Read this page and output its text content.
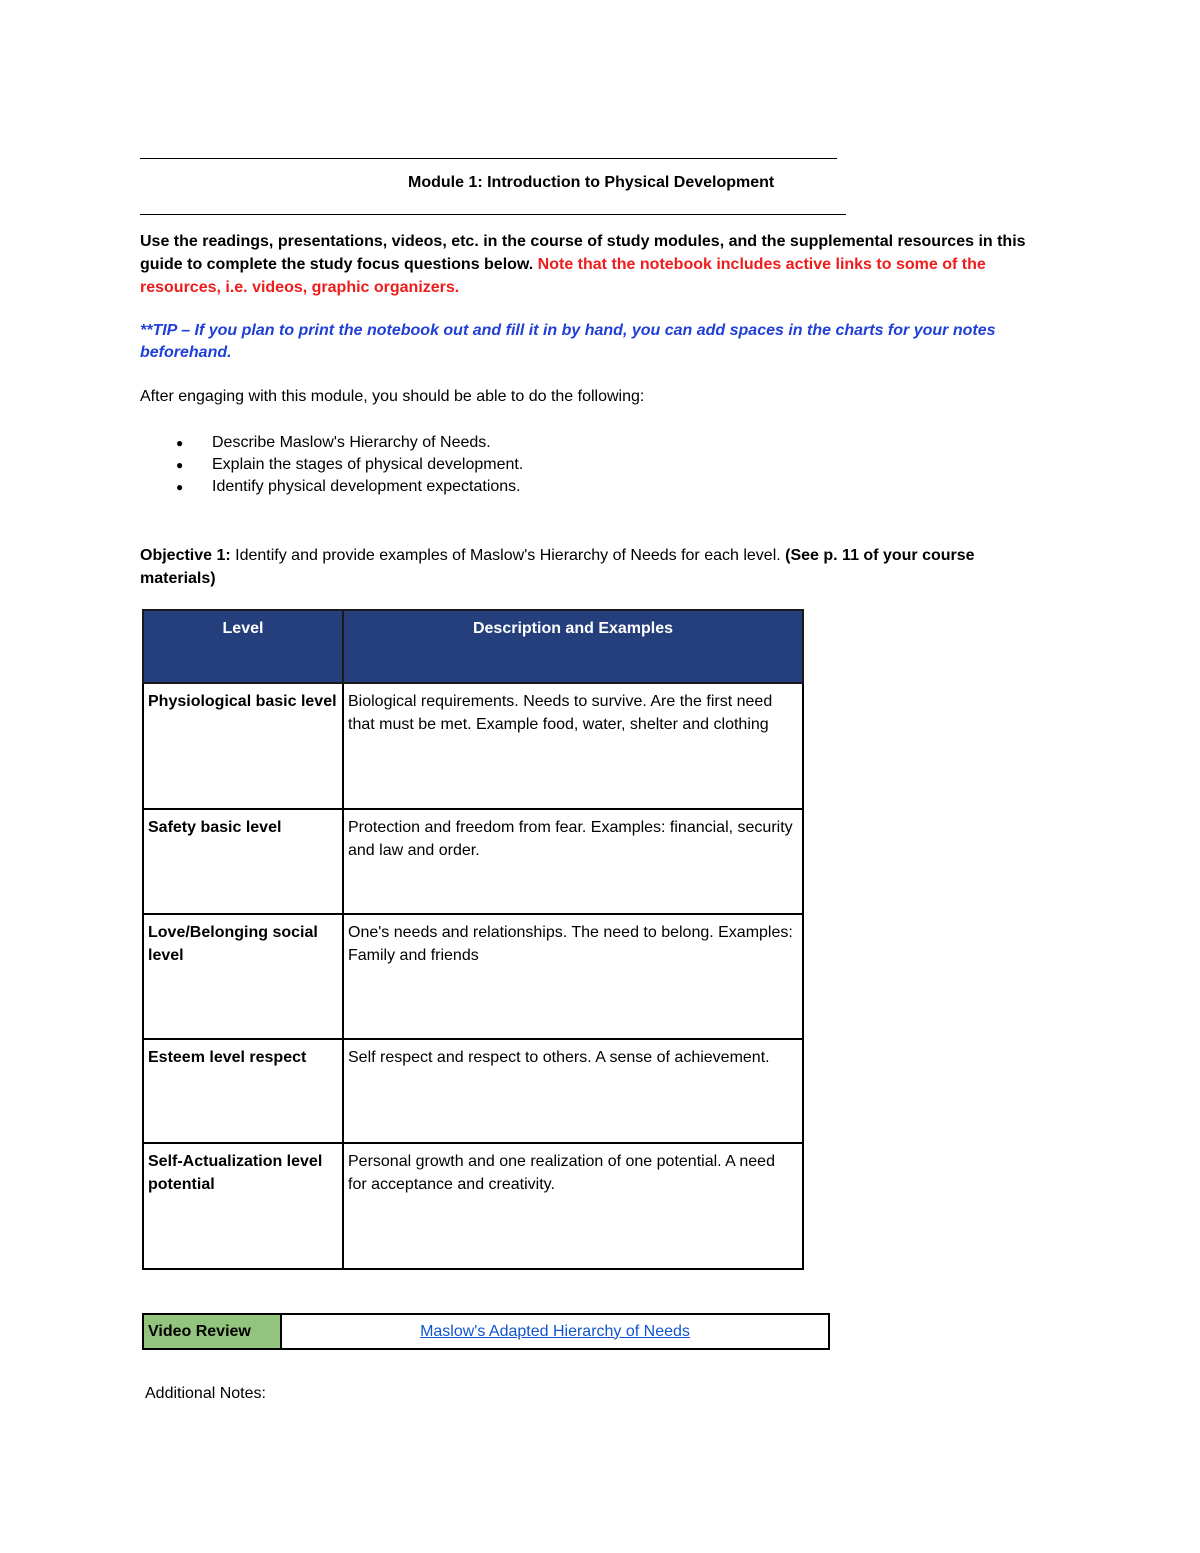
Module 1: Introduction to Physical Development
Use the readings, presentations, videos, etc. in the course of study modules, and the supplemental resources in this guide to complete the study focus questions below. Note that the notebook includes active links to some of the resources, i.e. videos, graphic organizers.
**TIP – If you plan to print the notebook out and fill it in by hand, you can add spaces in the charts for your notes beforehand.
After engaging with this module, you should be able to do the following:
● Describe Maslow's Hierarchy of Needs.
● Explain the stages of physical development.
● Identify physical development expectations.
Objective 1: Identify and provide examples of Maslow's Hierarchy of Needs for each level. (See p. 11 of your course materials)
Level	Description and Examples
Physiological basic level	Biological requirements. Needs to survive. Are the first need that must be met. Example food, water, shelter and clothing
Safety basic level	Protection and freedom from fear. Examples: financial, security and law and order.
Love/Belonging social level	One's needs and relationships. The need to belong. Examples: Family and friends
Esteem level respect	Self respect and respect to others. A sense of achievement.
Self-Actualization level potential	Personal growth and one realization of one potential. A need for acceptance and creativity.
Video Review	Maslow's Adapted Hierarchy of Needs
Additional Notes:
